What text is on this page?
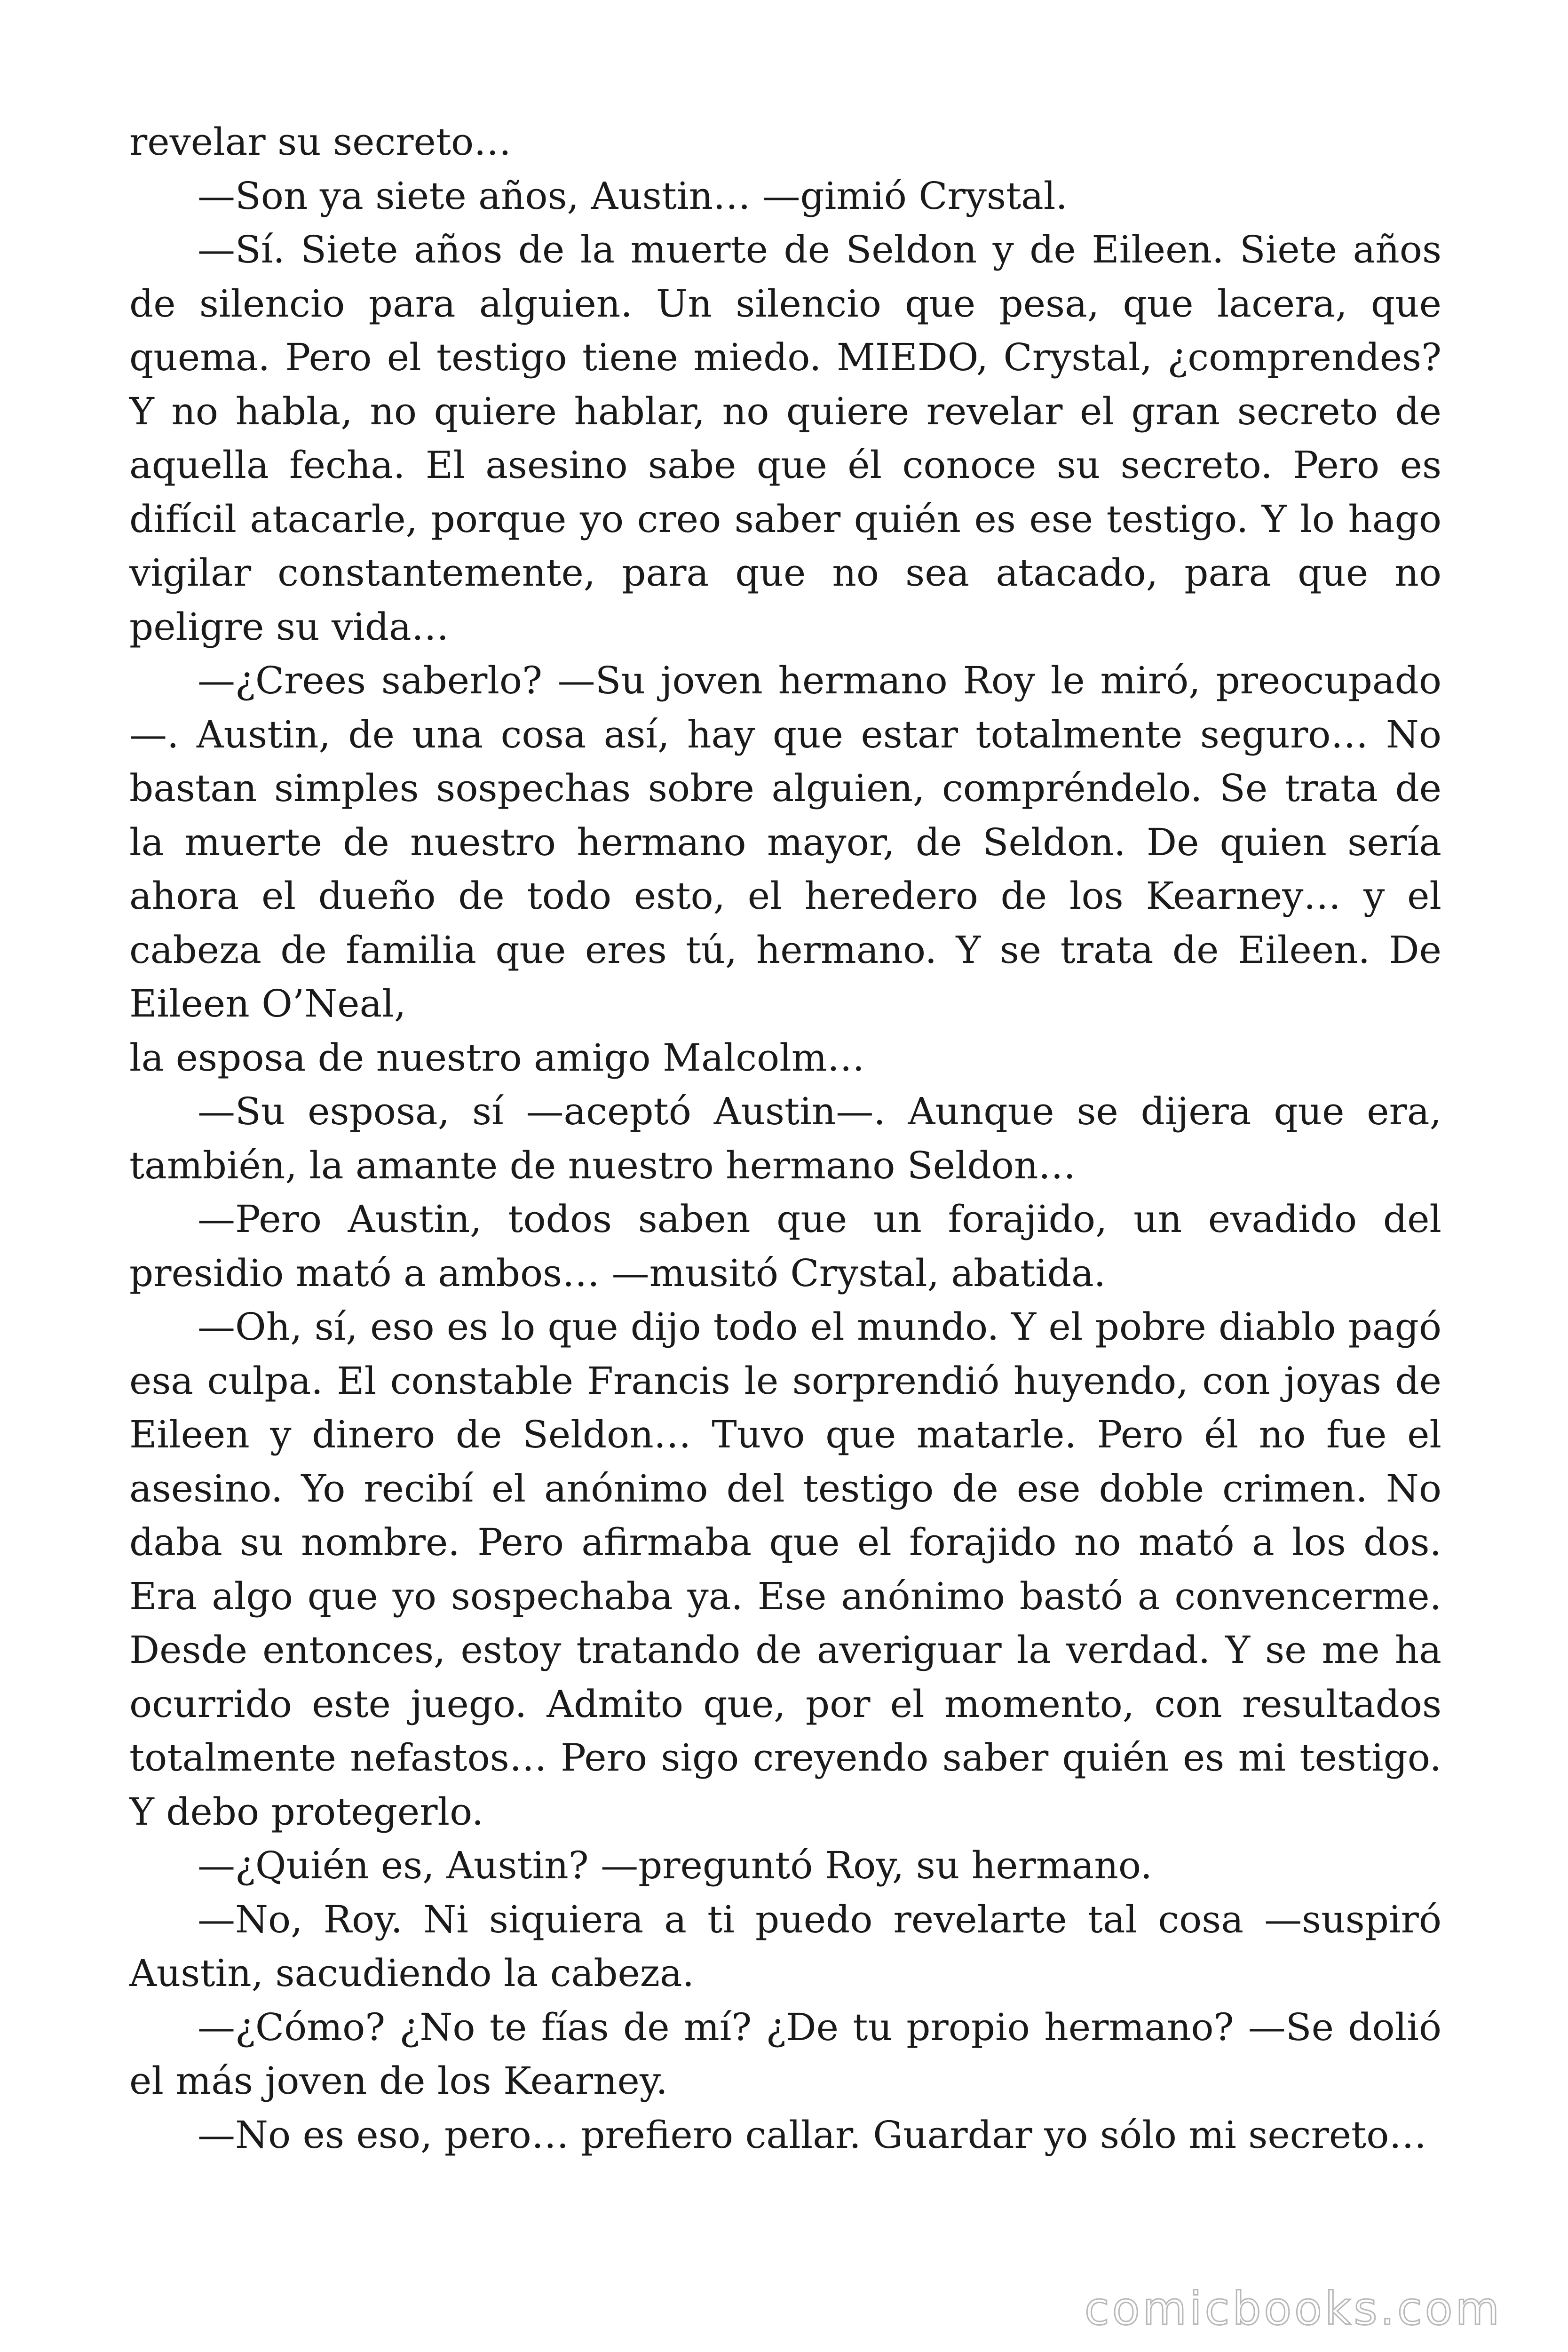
revelar su secreto…

—Son ya siete años, Austin… —gimió Crystal.

—Sí. Siete años de la muerte de Seldon y de Eileen. Siete años de silencio para alguien. Un silencio que pesa, que lacera, que quema. Pero el testigo tiene miedo. MIEDO, Crystal, ¿comprendes? Y no habla, no quiere hablar, no quiere revelar el gran secreto de aquella fecha. El asesino sabe que él conoce su secreto. Pero es difícil atacarle, porque yo creo saber quién es ese testigo. Y lo hago vigilar constantemente, para que no sea atacado, para que no peligre su vida…

—¿Crees saberlo? —Su joven hermano Roy le miró, preocupado —. Austin, de una cosa así, hay que estar totalmente seguro… No bastan simples sospechas sobre alguien, compréndelo. Se trata de la muerte de nuestro hermano mayor, de Seldon. De quien sería ahora el dueño de todo esto, el heredero de los Kearney… y el cabeza de familia que eres tú, hermano. Y se trata de Eileen. De Eileen O’Neal,

la esposa de nuestro amigo Malcolm…

—Su esposa, sí —aceptó Austin—. Aunque se dijera que era, también, la amante de nuestro hermano Seldon…

—Pero Austin, todos saben que un forajido, un evadido del presidio mató a ambos… —musitó Crystal, abatida.

—Oh, sí, eso es lo que dijo todo el mundo. Y el pobre diablo pagó esa culpa. El constable Francis le sorprendió huyendo, con joyas de Eileen y dinero de Seldon… Tuvo que matarle. Pero él no fue el asesino. Yo recibí el anónimo del testigo de ese doble crimen. No daba su nombre. Pero afirmaba que el forajido no mató a los dos. Era algo que yo sospechaba ya. Ese anónimo bastó a convencerme. Desde entonces, estoy tratando de averiguar la verdad. Y se me ha ocurrido este juego. Admito que, por el momento, con resultados totalmente nefastos… Pero sigo creyendo saber quién es mi testigo. Y debo protegerlo.

—¿Quién es, Austin? —preguntó Roy, su hermano.

—No, Roy. Ni siquiera a ti puedo revelarte tal cosa —suspiró Austin, sacudiendo la cabeza.

—¿Cómo? ¿No te fías de mí? ¿De tu propio hermano? —Se dolió el más joven de los Kearney.

—No es eso, pero… prefiero callar. Guardar yo sólo mi secreto…

comicbooks.com
